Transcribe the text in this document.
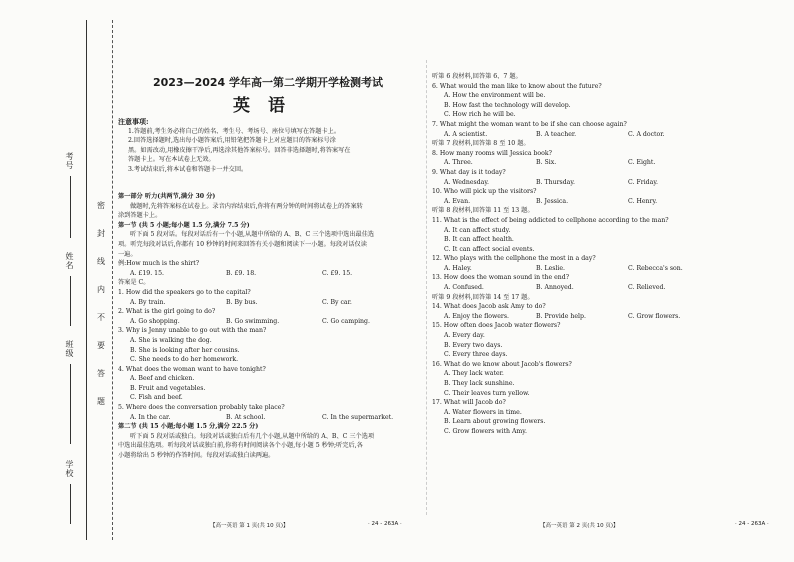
考号
姓名
班级
学校
密
封
线
内
不
要
答
题
2023—2024 学年高一第二学期开学检测考试
英语
注意事项:
1.答题前,考生务必将自己的姓名、考生号、考场号、座位号填写在答题卡上。
2.回答选择题时,选出每小题答案后,用铅笔把答题卡上对应题目的答案标号涂
黑。如需改动,用橡皮擦干净后,再选涂其他答案标号。回答非选择题时,将答案写在
答题卡上。写在本试卷上无效。
3.考试结束后,将本试卷和答题卡一并交回。
第一部分 听力(共两节,满分 30 分)
做题时,先将答案标在试卷上。录音内容结束后,你将有两分钟的时间将试卷上的答案转
涂到答题卡上。
第一节 (共 5 小题;每小题 1.5 分,满分 7.5 分)
听下面 5 段对话。每段对话后有一个小题,从题中所给的 A、B、C 三个选项中选出最佳选
项。听完每段对话后,你都有 10 秒钟的时间来回答有关小题和阅读下一小题。每段对话仅读
一遍。
例:How much is the shirt?
A. £19. 15.	B. £9. 18.	C. £9. 15.
答案是 C。
1. How did the speakers go to the capital?
A. By train.	B. By bus.	C. By car.
2. What is the girl going to do?
A. Go shopping.	B. Go swimming.	C. Go camping.
3. Why is Jenny unable to go out with the man?
A. She is walking the dog.
B. She is looking after her cousins.
C. She needs to do her homework.
4. What does the woman want to have tonight?
A. Beef and chicken.
B. Fruit and vegetables.
C. Fish and beef.
5. Where does the conversation probably take place?
A. In the car.	B. At school.	C. In the supermarket.
第二节 (共 15 小题;每小题 1.5 分,满分 22.5 分)
听下面 5 段对话或独白。每段对话或独白后有几个小题,从题中所给的 A、B、C 三个选项
中选出最佳选项。听每段对话或独白前,你将有时间阅读各个小题,每小题 5 秒钟;听完后,各
小题将给出 5 秒钟的作答时间。每段对话或独白读两遍。
听第 6 段材料,回答第 6、7 题。
6. What would the man like to know about the future?
A. How the environment will be.
B. How fast the technology will develop.
C. How rich he will be.
7. What might the woman want to be if she can choose again?
A. A scientist.	B. A teacher.	C. A doctor.
听第 7 段材料,回答第 8 至 10 题。
8. How many rooms will Jessica book?
A. Three.	B. Six.	C. Eight.
9. What day is it today?
A. Wednesday.	B. Thursday.	C. Friday.
10. Who will pick up the visitors?
A. Evan.	B. Jessica.	C. Henry.
听第 8 段材料,回答第 11 至 13 题。
11. What is the effect of being addicted to cellphone according to the man?
A. It can affect study.
B. It can affect health.
C. It can affect social events.
12. Who plays with the cellphone the most in a day?
A. Haley.	B. Leslie.	C. Rebecca's son.
13. How does the woman sound in the end?
A. Confused.	B. Annoyed.	C. Relieved.
听第 9 段材料,回答第 14 至 17 题。
14. What does Jacob ask Amy to do?
A. Enjoy the flowers.	B. Provide help.	C. Grow flowers.
15. How often does Jacob water flowers?
A. Every day.
B. Every two days.
C. Every three days.
16. What do we know about Jacob's flowers?
A. They lack water.
B. They lack sunshine.
C. Their leaves turn yellow.
17. What will Jacob do?
A. Water flowers in time.
B. Learn about growing flowers.
C. Grow flowers with Amy.
【高一英语 第 1 页(共 10 页)】	· 24 - 263A ·	【高一英语 第 2 页(共 10 页)】	· 24 - 263A ·
